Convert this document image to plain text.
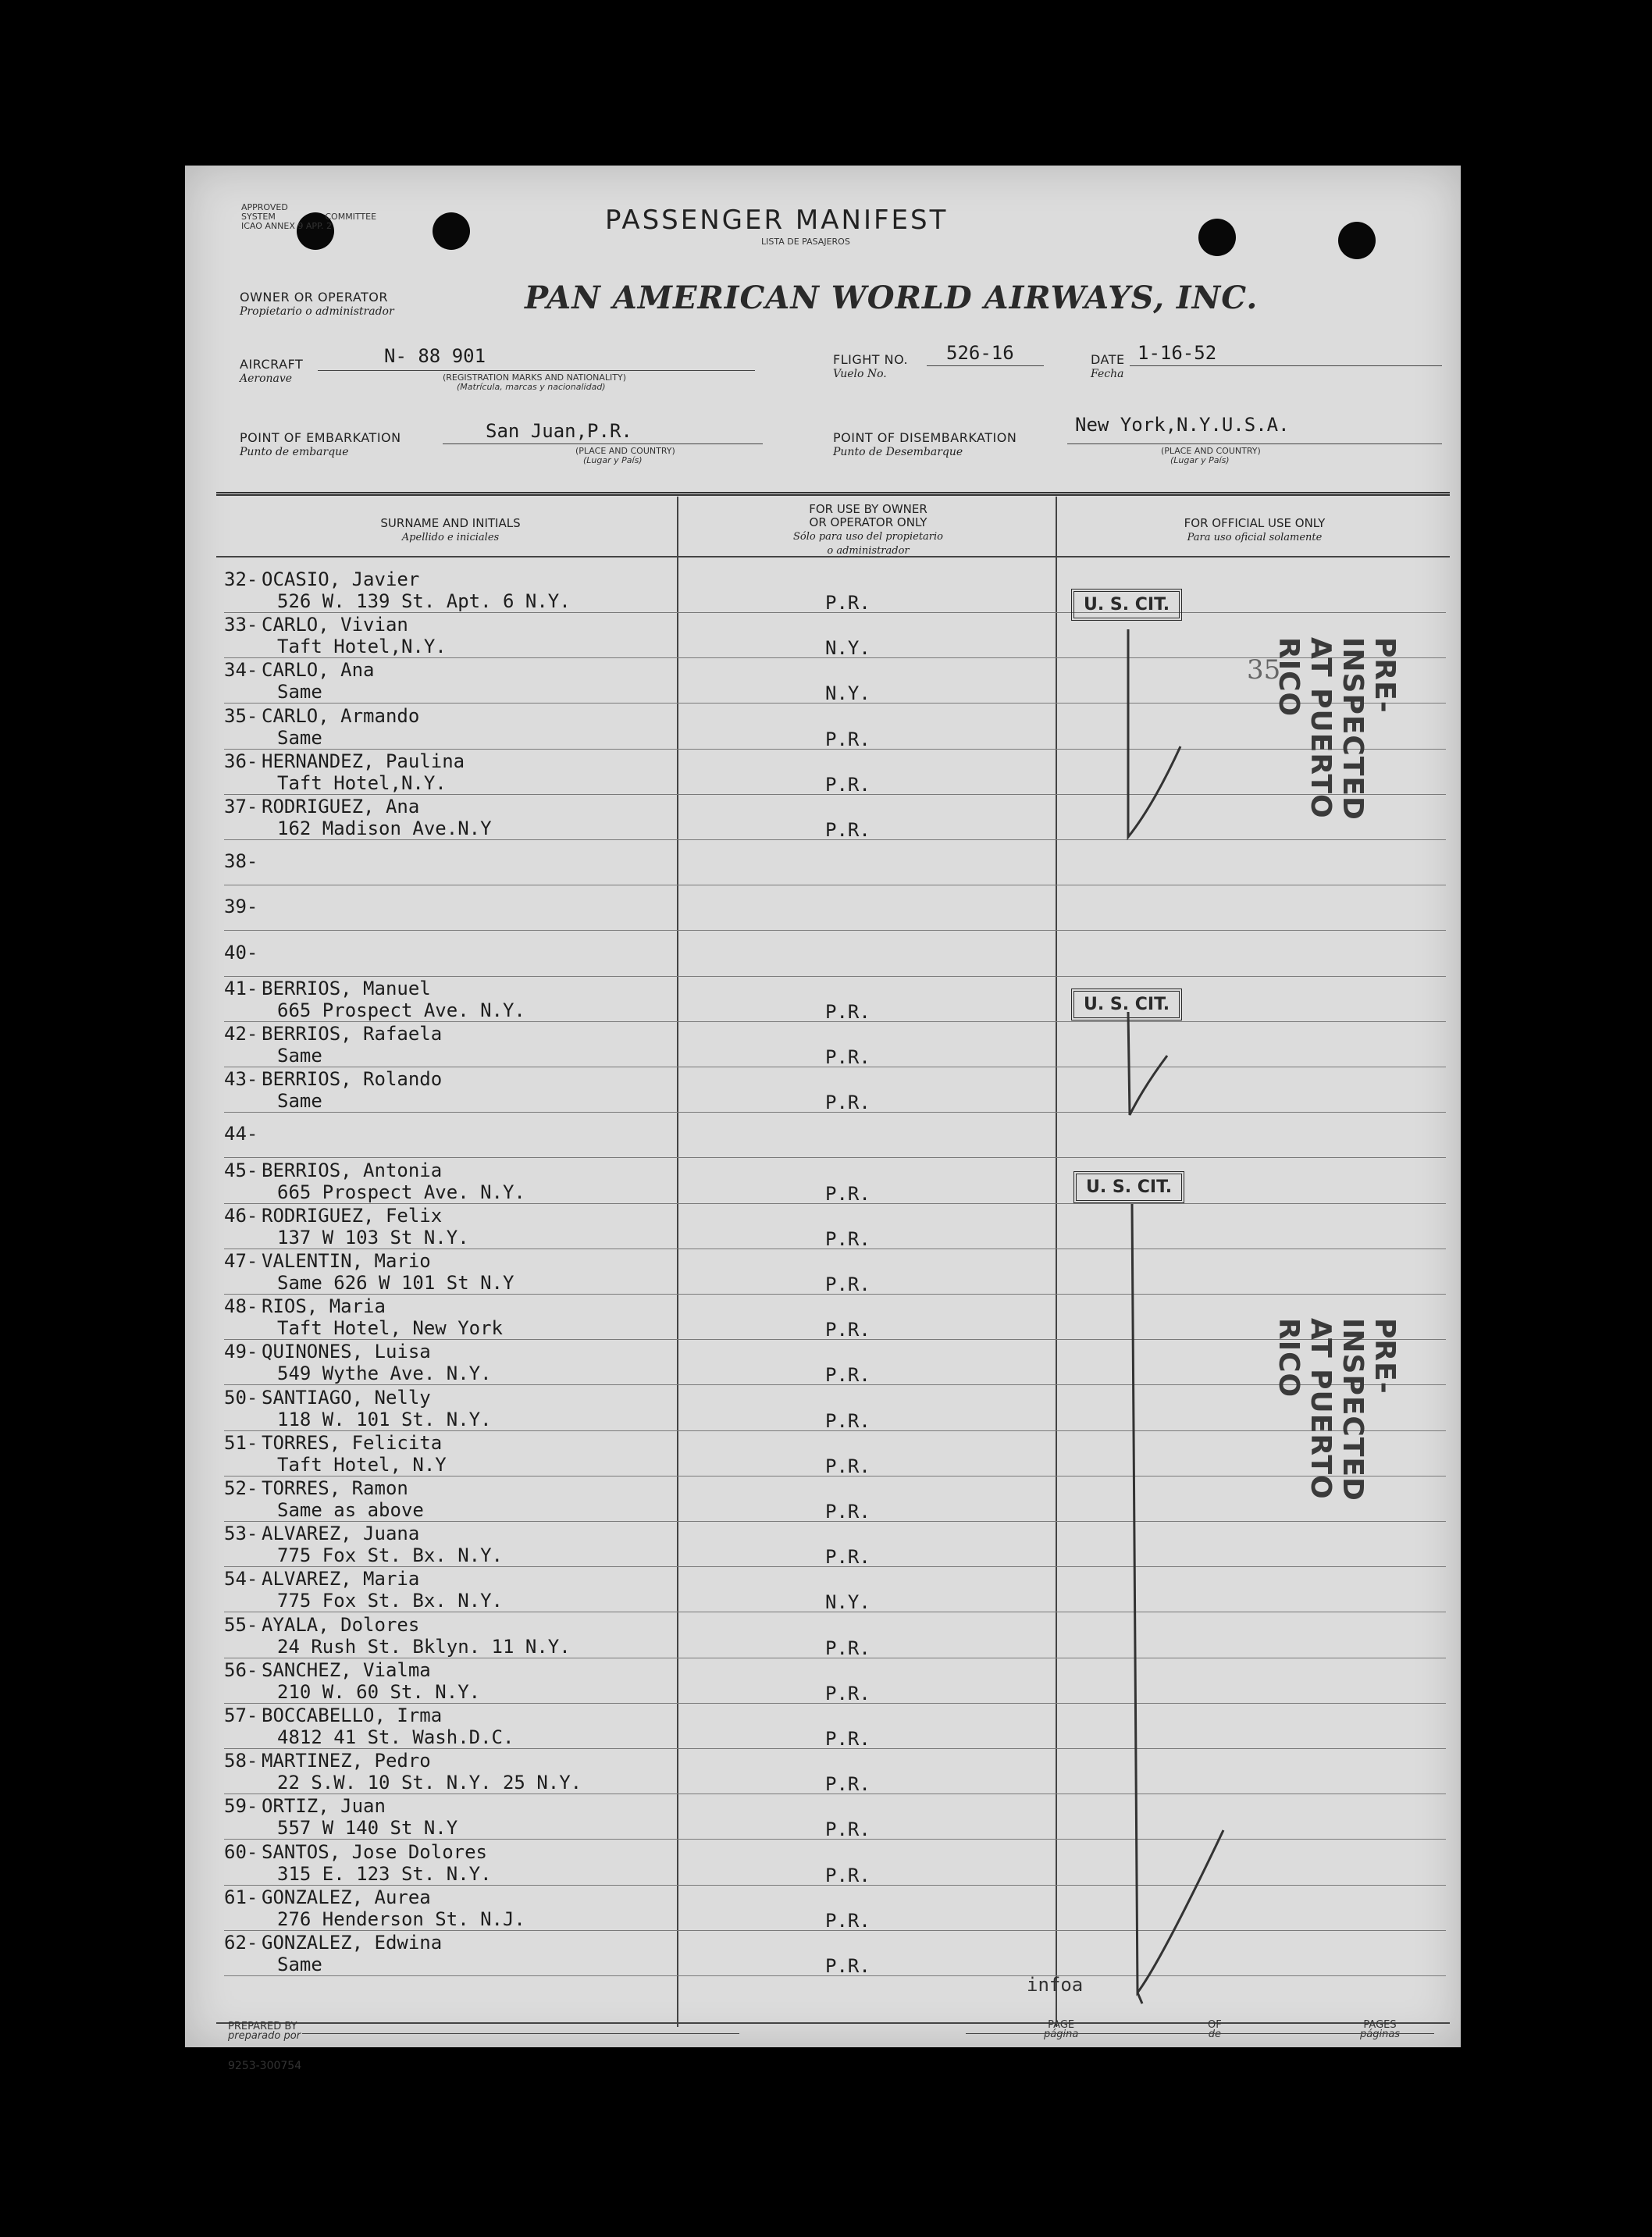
APPROVED
SYSTEM	COMMITTEE
ICAO ANNEX 9 APP. 2	PASSENGER MANIFEST
LISTA DE PASAJEROS
OWNER OR OPERATOR
Propietario o administrador	PAN AMERICAN WORLD AIRWAYS, INC.
AIRCRAFT
Aeronave
N- 88 901
(REGISTRATION MARKS AND NATIONALITY)
(Matrícula, marcas y nacionalidad)
FLIGHT NO.
Vuelo No.
526-16	DATE
Fecha
1-16-52
POINT OF EMBARKATION
Punto de embarque
San Juan,P.R.
(PLACE AND COUNTRY)
(Lugar y País)
POINT OF DISEMBARKATION
Punto de Desembarque
New York,N.Y.U.S.A.
(PLACE AND COUNTRY)
(Lugar y País)
SURNAME AND INITIALS
Apellido e iniciales
FOR USE BY OWNER
OR OPERATOR ONLY
Sólo para uso del propietario
o administrador
FOR OFFICIAL USE ONLY
Para uso oficial solamente
32- OCASIO, Javier
526 W. 139 St. Apt. 6 N.Y.	P.R.
33- CARLO, Vivian
Taft Hotel,N.Y.	N.Y.
34- CARLO, Ana
Same	N.Y.
35- CARLO, Armando
Same	P.R.
36- HERNANDEZ, Paulina
Taft Hotel,N.Y.	P.R.
37- RODRIGUEZ, Ana
162 Madison Ave.N.Y	P.R.
38-
39-
40-
41- BERRIOS, Manuel
665 Prospect Ave. N.Y.	P.R.
42- BERRIOS, Rafaela
Same	P.R.
43- BERRIOS, Rolando
Same	P.R.
44-
45- BERRIOS, Antonia
665 Prospect Ave. N.Y.	P.R.
46- RODRIGUEZ, Felix
137 W 103 St N.Y.	P.R.
47- VALENTIN, Mario
Same 626 W 101 St N.Y	P.R.
48- RIOS, Maria
Taft Hotel, New York	P.R.
49- QUINONES, Luisa
549 Wythe Ave. N.Y.	P.R.
50- SANTIAGO, Nelly
118 W. 101 St. N.Y.	P.R.
51- TORRES, Felicita
Taft Hotel, N.Y	P.R.
52- TORRES, Ramon
Same as above	P.R.
53- ALVAREZ, Juana
775 Fox St. Bx. N.Y.	P.R.
54- ALVAREZ, Maria
775 Fox St. Bx. N.Y.	N.Y.
55- AYALA, Dolores
24 Rush St. Bklyn. 11 N.Y.	P.R.
56- SANCHEZ, Vialma
210 W. 60 St. N.Y.	P.R.
57- BOCCABELLO, Irma
4812 41 St. Wash.D.C.	P.R.
58- MARTINEZ, Pedro
22 S.W. 10 St. N.Y. 25 N.Y.	P.R.
59- ORTIZ, Juan
557 W 140 St N.Y	P.R.
60- SANTOS, Jose Dolores
315 E. 123 St. N.Y.	P.R.
61- GONZALEZ, Aurea
276 Henderson St. N.J.	P.R.
62- GONZALEZ, Edwina
Same	P.R.
U. S. CIT.
U. S. CIT.
U. S. CIT.
35
infoa
PRE-INSPECTED AT PUERTO RICO
PRE-INSPECTED AT PUERTO RICO
PREPARED BY
preparado por
PAGE
página
OF
de
PAGES
páginas
9253-300754
